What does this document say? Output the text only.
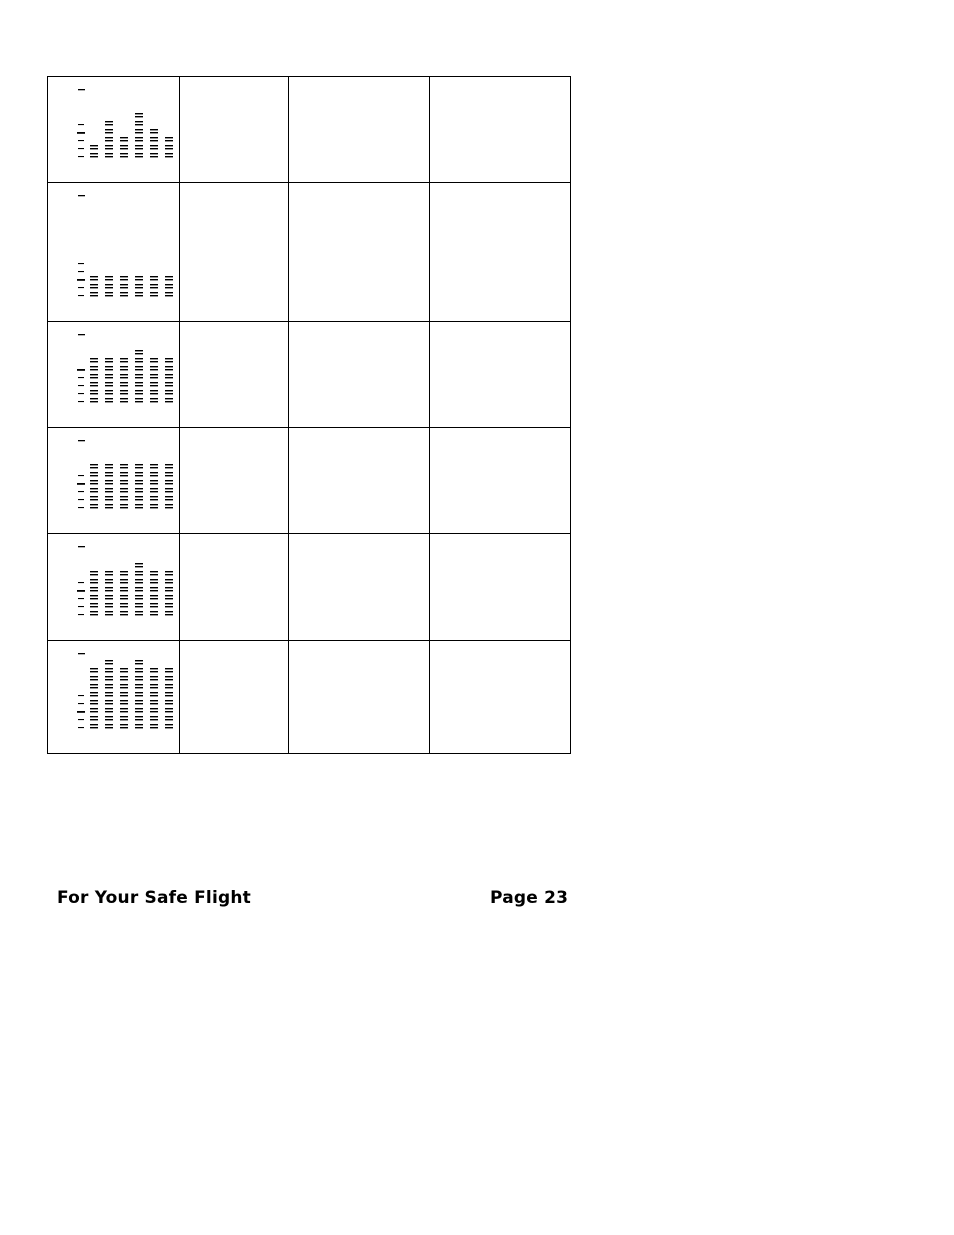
For Your Safe Flight	Page 23
